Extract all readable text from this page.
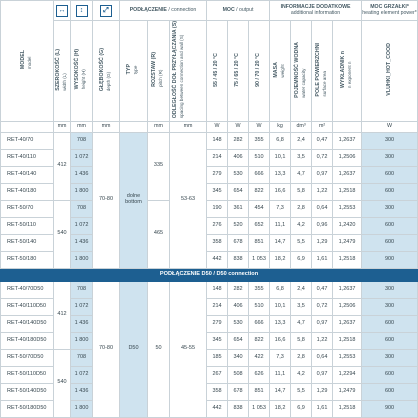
MODEL
model	↔	↕	⤢	PODŁĄCZENIE / connection			MOC / output			INFORMACJE DODATKOWE
additional information				MOC GRZAŁKI*
heating element power*
	SZEROKOŚĆ (L)
width (L)	WYSOKOŚĆ (H)
height (H)	GŁĘBOKOŚĆ (G)
depth (G)	TYP
type	ROZSTAW (R)
pitch (R)	ODLEGŁOŚĆ DOŁ PRZYŁĄCZANIA (S)
spacing between connection and wall (S)	55 / 45 / 20 °C	75 / 65 / 20 °C	90 / 70 / 20 °C	MASA
weight	POJEMNOŚĆ WODNA
water capacity	POLE POWIERZCHNI
surface area	WYKŁADNIK n
n exponent n	VLUHKI_HOT_COOD
	mm	mm	mm		mm	mm	W	W	W	kg	dm³	m²		W
RET-40/70	412	708	70-80	dolne
bottom	335	53-63	148	282	355	6,8	2,4	0,47	1,2637	300
RET-40/110		1 072					214	406	510	10,1	3,5	0,72	1,2506	300
RET-40/140		1 436					279	530	666	13,3	4,7	0,97	1,2637	600
RET-40/180		1 800					345	654	822	16,6	5,8	1,22	1,2518	600
RET-50/70	540	708			465		190	361	454	7,3	2,8	0,64	1,2553	300
RET-50/110		1 072					276	520	652	11,1	4,2	0,96	1,2420	600
RET-50/140		1 436					358	678	851	14,7	5,5	1,29	1,2479	600
RET-50/180		1 800					442	838	1 053	18,2	6,9	1,61	1,2518	900
PODŁĄCZENIE D50 / D50 connection														
RET-40/70D50	412	708	70-80	D50	50	45-55	148	282	355	6,8	2,4	0,47	1,2637	300
RET-40/110D50		1 072					214	406	510	10,1	3,5	0,72	1,2506	300
RET-40/140D50		1 436					279	530	666	13,3	4,7	0,97	1,2637	600
RET-40/180D50		1 800					345	654	822	16,6	5,8	1,22	1,2518	600
RET-50/70D50	540	708					185	340	422	7,3	2,8	0,64	1,2553	300
RET-50/110D50		1 072					267	508	626	11,1	4,2	0,97	1,2294	600
RET-50/140D50		1 436					358	678	851	14,7	5,5	1,29	1,2479	600
RET-50/180D50		1 800					442	838	1 053	18,2	6,9	1,61	1,2518	900
